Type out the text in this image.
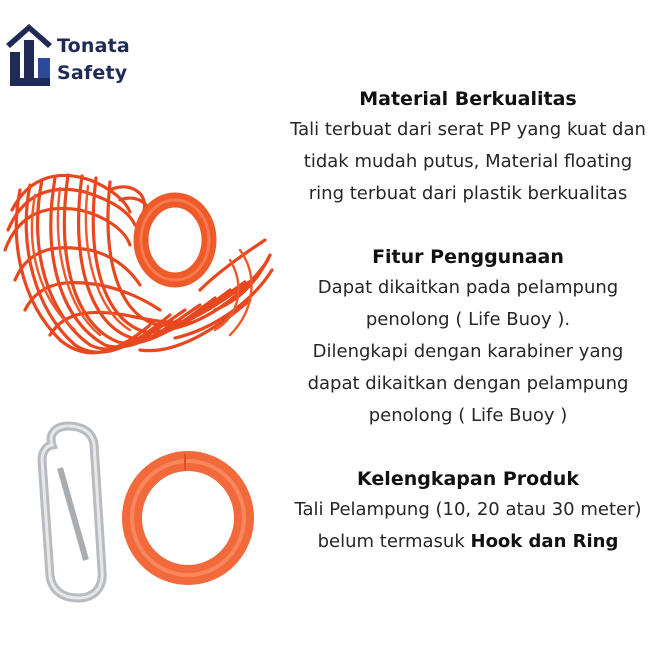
Tonata
Safety
Material Berkualitas
Tali terbuat dari serat PP yang kuat dan
tidak mudah putus, Material floating
ring terbuat dari plastik berkualitas
Fitur Penggunaan
Dapat dikaitkan pada pelampung
penolong ( Life Buoy ).
Dilengkapi dengan karabiner yang
dapat dikaitkan dengan pelampung
penolong ( Life Buoy )
Kelengkapan Produk
Tali Pelampung (10, 20 atau 30 meter)
belum termasuk Hook dan Ring
